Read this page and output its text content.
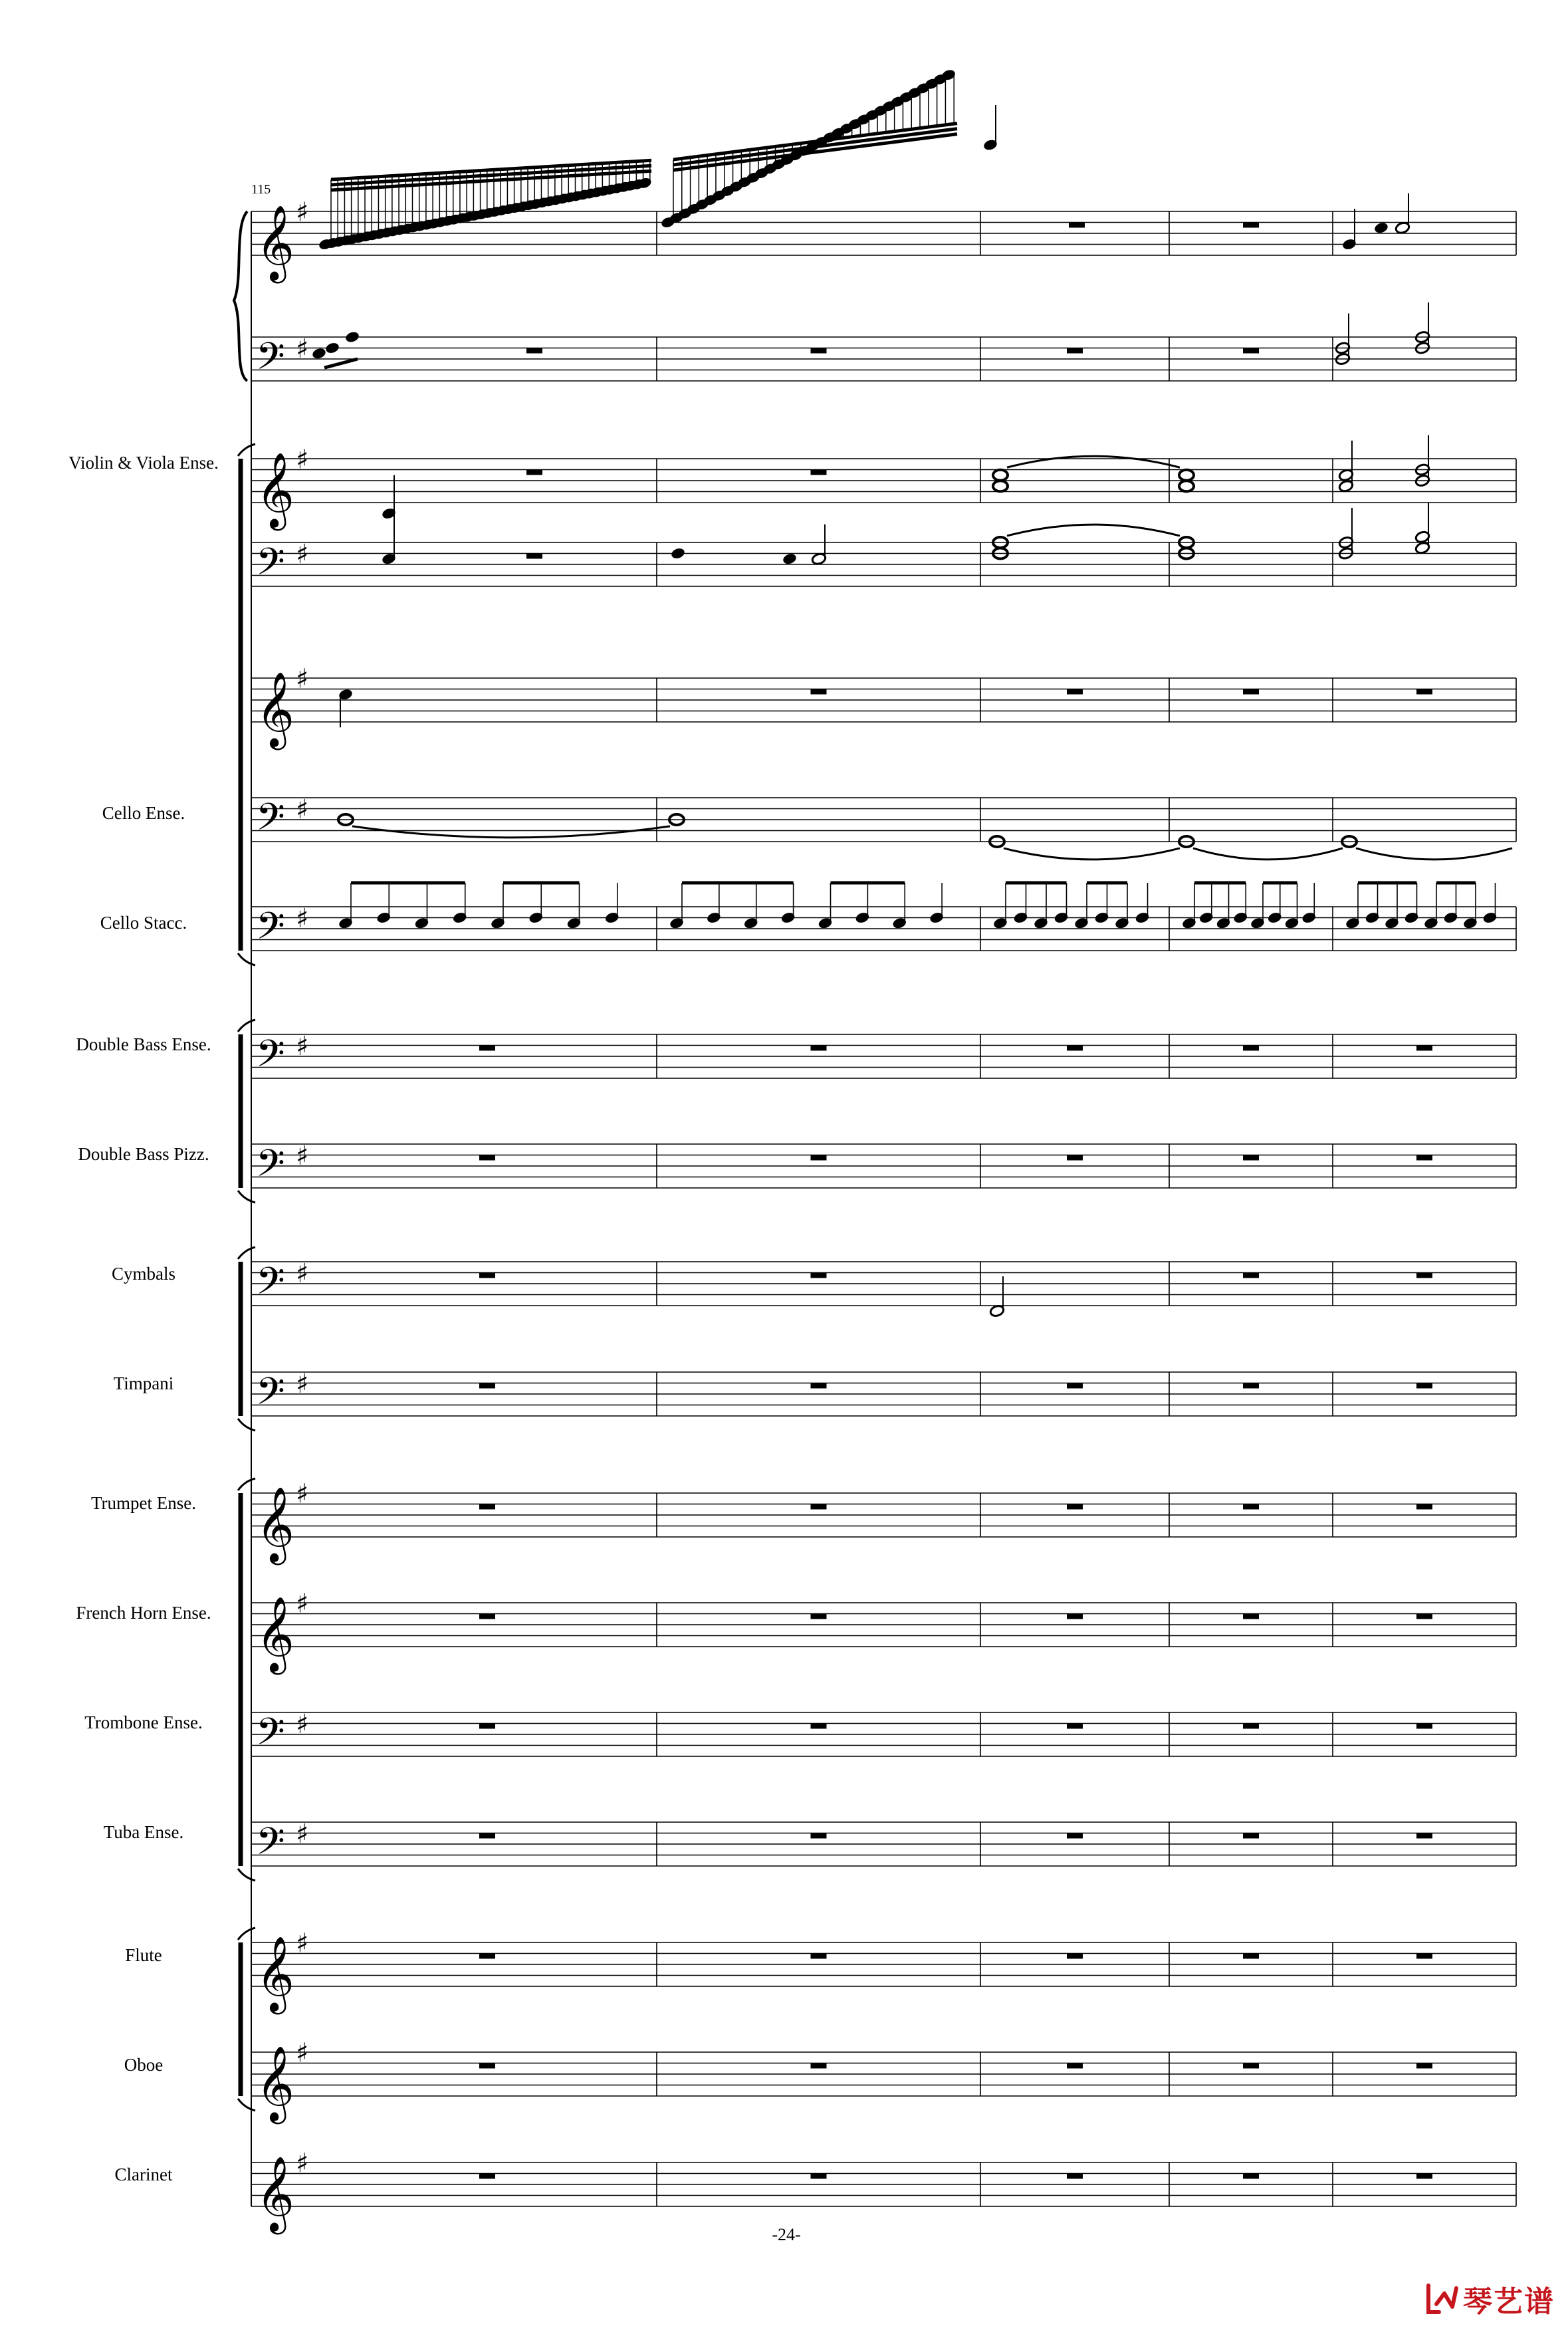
Violin & Viola Ense.
Cello Ense.
Cello Stacc.
Double Bass Ense.
Double Bass Pizz.
Cymbals
Timpani
Trumpet Ense.
French Horn Ense.
Trombone Ense.
Tuba Ense.
Flute
Oboe
Clarinet
𝄞 ♯
𝄢 ♯
𝄞 ♯
𝄢 ♯
𝄞 ♯
𝄢 ♯
𝄢 ♯
𝄢 ♯
𝄢 ♯
𝄢 ♯
𝄢 ♯
𝄞 ♯
𝄞 ♯
𝄢 ♯
𝄢 ♯
𝄞 ♯
𝄞 ♯
𝄞 ♯
115
-24-
琴艺谱
